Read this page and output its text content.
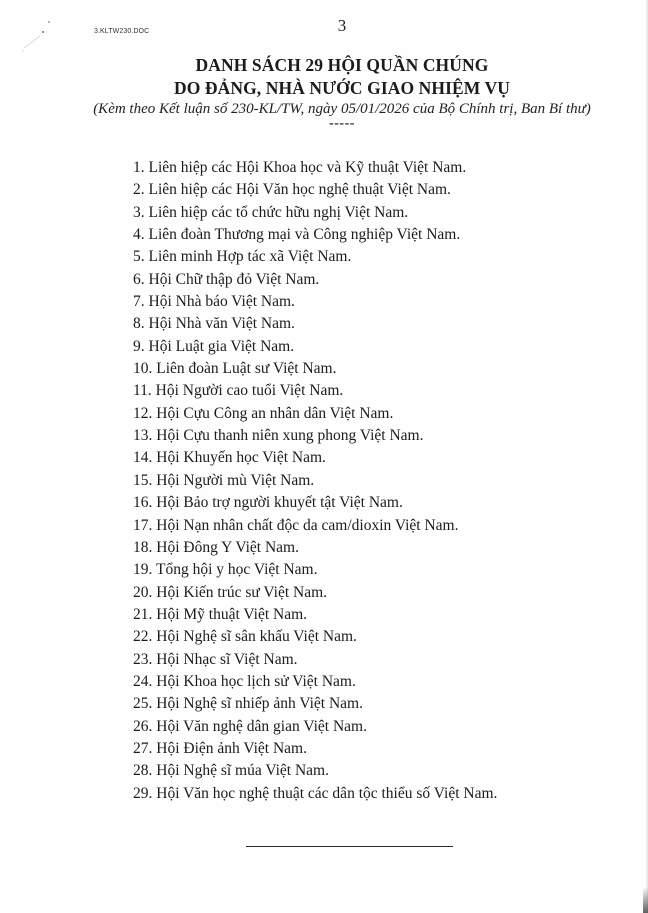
3.KLTW230.DOC	3
DANH SÁCH 29 HỘI QUẦN CHÚNG
DO ĐẢNG, NHÀ NƯỚC GIAO NHIỆM VỤ
(Kèm theo Kết luận số 230-KL/TW, ngày 05/01/2026 của Bộ Chính trị, Ban Bí thư)
-----
1. Liên hiệp các Hội Khoa học và Kỹ thuật Việt Nam.
2. Liên hiệp các Hội Văn học nghệ thuật Việt Nam.
3. Liên hiệp các tổ chức hữu nghị Việt Nam.
4. Liên đoàn Thương mại và Công nghiệp Việt Nam.
5. Liên minh Hợp tác xã Việt Nam.
6. Hội Chữ thập đỏ Việt Nam.
7. Hội Nhà báo Việt Nam.
8. Hội Nhà văn Việt Nam.
9. Hội Luật gia Việt Nam.
10. Liên đoàn Luật sư Việt Nam.
11. Hội Người cao tuổi Việt Nam.
12. Hội Cựu Công an nhân dân Việt Nam.
13. Hội Cựu thanh niên xung phong Việt Nam.
14. Hội Khuyến học Việt Nam.
15. Hội Người mù Việt Nam.
16. Hội Bảo trợ người khuyết tật Việt Nam.
17. Hội Nạn nhân chất độc da cam/dioxin Việt Nam.
18. Hội Đông Y Việt Nam.
19. Tổng hội y học Việt Nam.
20. Hội Kiến trúc sư Việt Nam.
21. Hội Mỹ thuật Việt Nam.
22. Hội Nghệ sĩ sân khấu Việt Nam.
23. Hội Nhạc sĩ Việt Nam.
24. Hội Khoa học lịch sử Việt Nam.
25. Hội Nghệ sĩ nhiếp ảnh Việt Nam.
26. Hội Văn nghệ dân gian Việt Nam.
27. Hội Điện ảnh Việt Nam.
28. Hội Nghệ sĩ múa Việt Nam.
29. Hội Văn học nghệ thuật các dân tộc thiểu số Việt Nam.
